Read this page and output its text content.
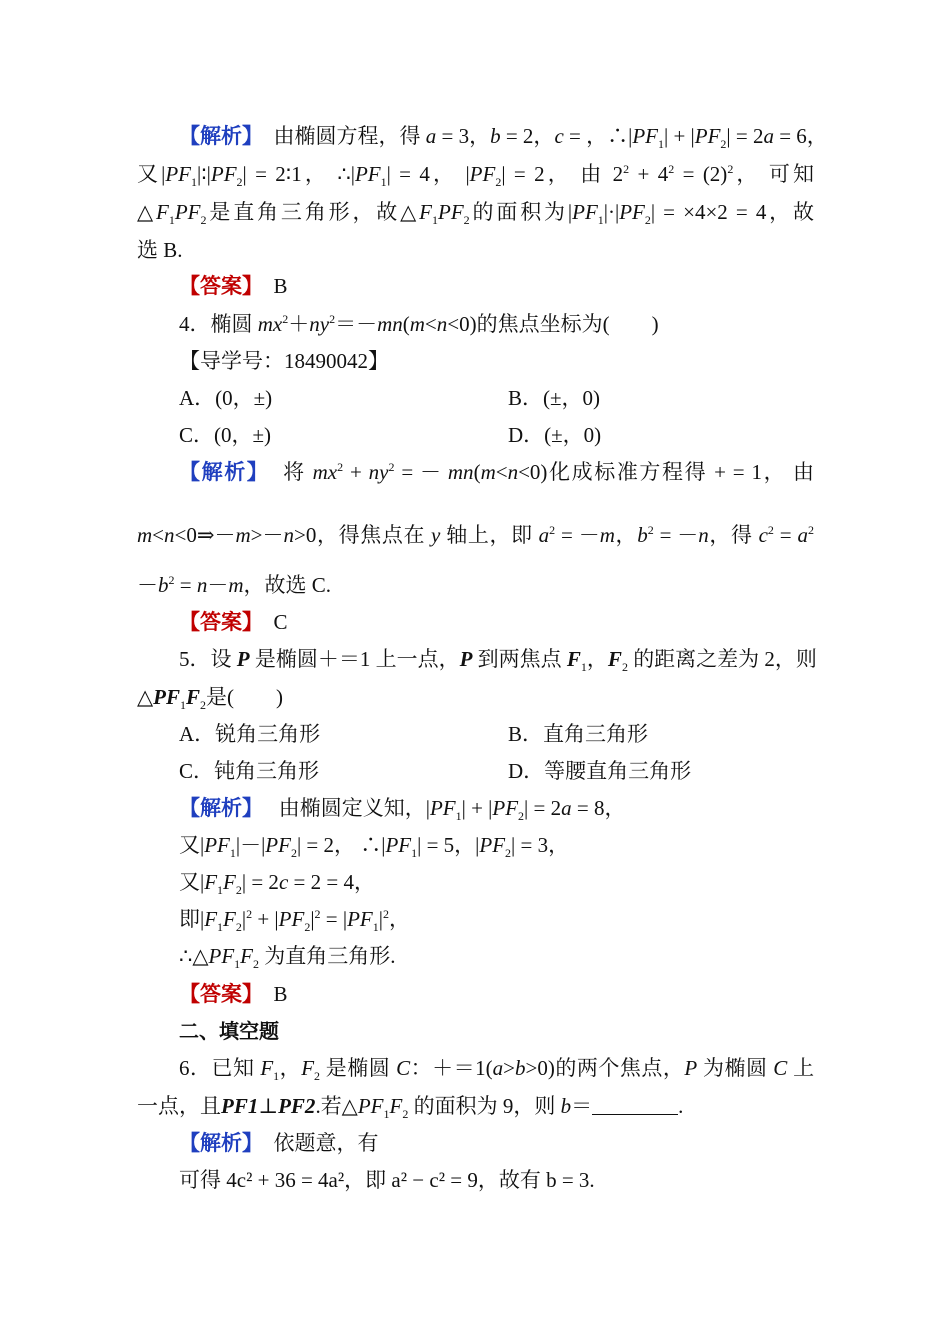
【解析】 由椭圆方程，得 a = 3，b = 2，c = ，$\therefore|PF_1| + |PF_2| = 2a = 6$，
又$|PF_1|∶|PF_2|$ = 2∶1， $\therefore|PF_1| = 4$， $|PF_2| = 2$， 由 $2^2 + 4^2 = (2)^2$， 可知
$\triangle F_1PF_2$是直角三角形，故$\triangle F_1PF_2$的面积为$|PF_1|\cdot|PF_2| = \times 4\times 2 = 4$，故
选 B.
【答案】 B
4．椭圆 $mx^2+ny^2=-mn(m<n<0)$的焦点坐标为(　　)
【导学号：18490042】
A．(0，±)	B．(±，0)
C．(0，±)	D．(±，0)
【解析】  将 $mx^2 + ny^2$ = － mn(m<n<0)化成标准方程得 + = 1， 由
m<n<0⇒－m>－n>0，得焦点在 y 轴上，即 $a^2 = -m$，$b^2 = -n$，得 $c^2 = a^2$
$-b^2 = n-m$，故选 C.
【答案】 C
5．设 P 是椭圆＋＝1 上一点，P 到两焦点 $F_1$，$F_2$ 的距离之差为 2，则
$\triangle PF_1F_2$是(　　)
A．锐角三角形	B．直角三角形
C．钝角三角形	D．等腰直角三角形
【解析】   由椭圆定义知，$|PF_1| + |PF_2| = 2a = 8$，
又$|PF_1|-|PF_2| = 2$， $\therefore|PF_1| = 5$，$|PF_2| = 3$，
又$|F_1F_2| = 2c = 2 = 4$，
即$|F_1F_2|^2 + |PF_2|^2 = |PF_1|^2$，
$\therefore\triangle PF_1F_2$ 为直角三角形.
【答案】 B
二、填空题
6．已知 $F_1$，$F_2$ 是椭圆 C：＋＝1(a>b>0)的两个焦点，P 为椭圆 C 上
一点，且PF1⊥PF2.若$\triangle PF_1F_2$ 的面积为 9，则 b＝	.
【解析】 依题意，有
可得 4c² + 36 = 4a²，即 a² − c² = 9，故有 b = 3.
